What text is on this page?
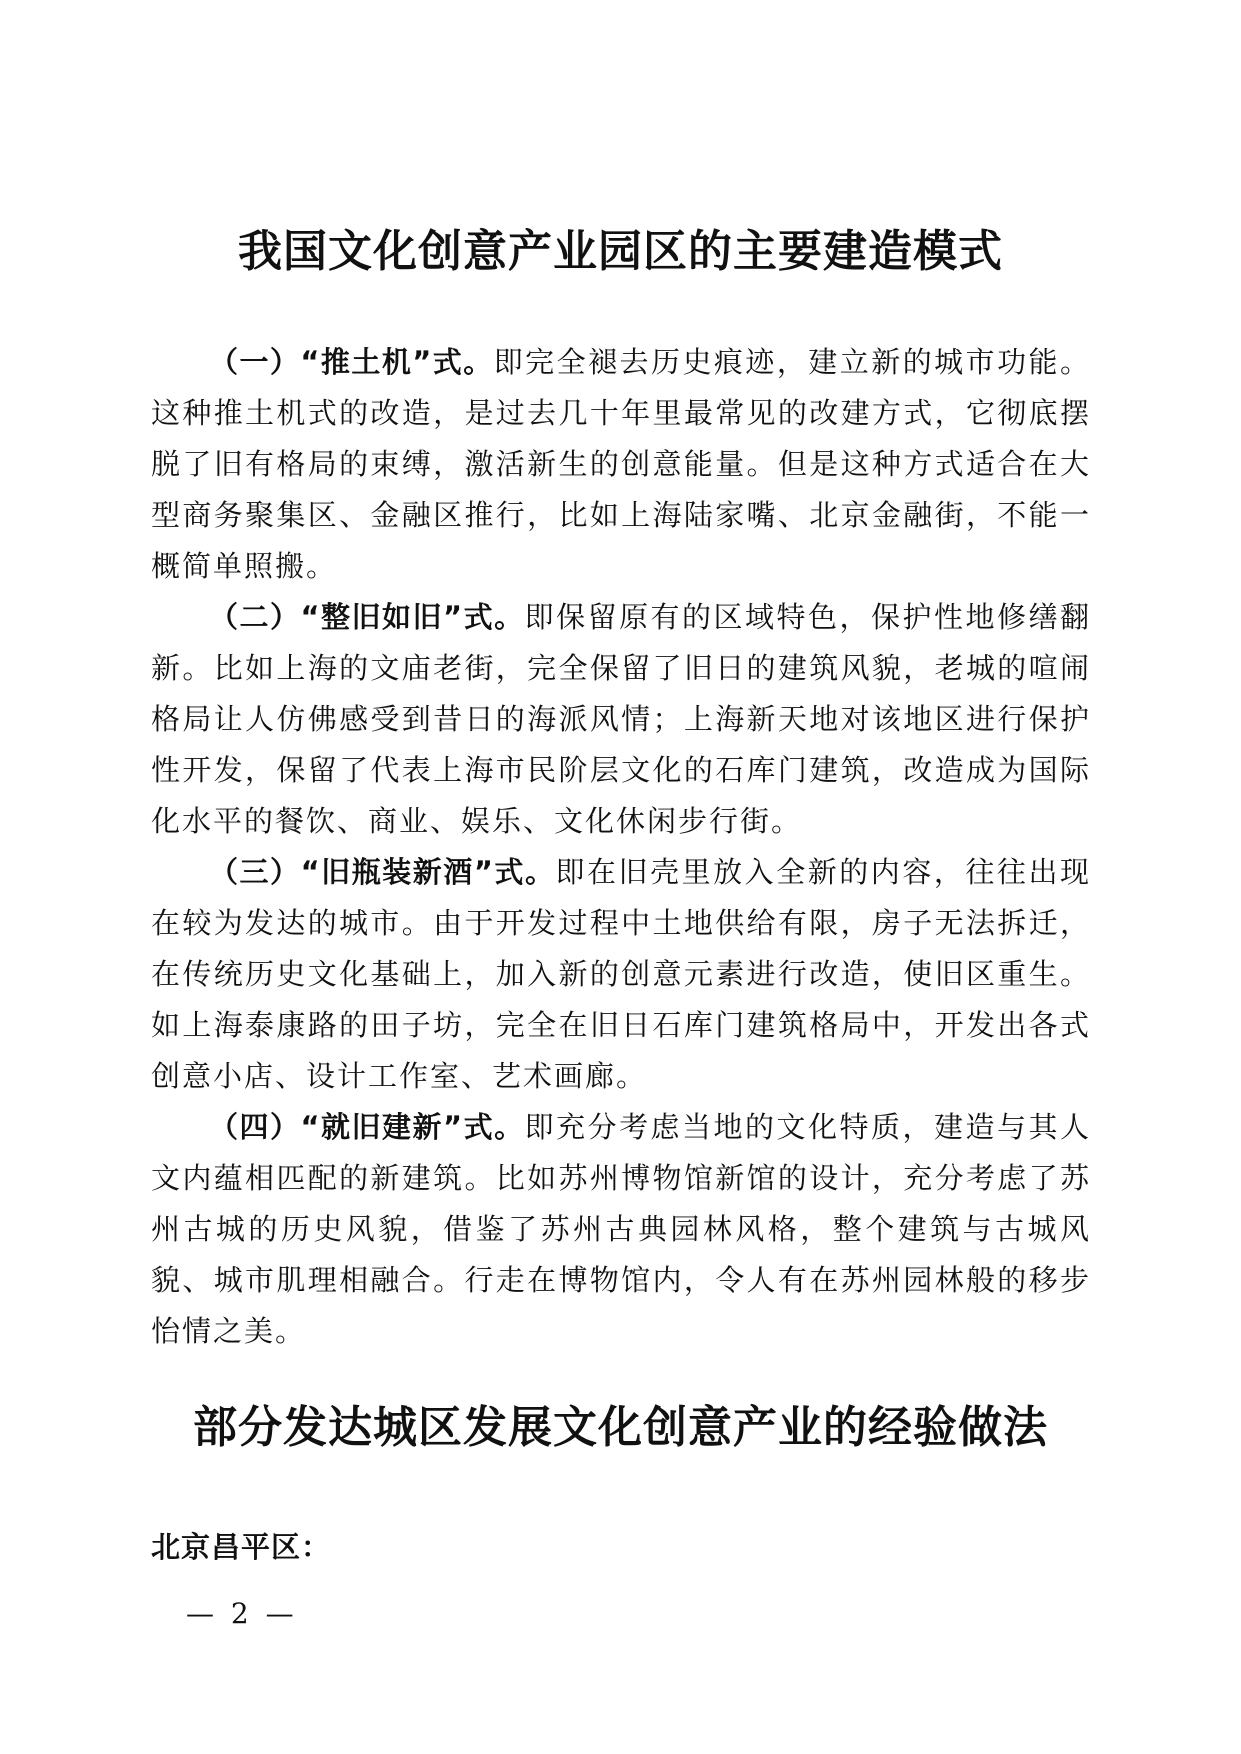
我国文化创意产业园区的主要建造模式

（一）“推土机”式。即完全褪去历史痕迹，建立新的城市功能。这种推土机式的改造，是过去几十年里最常见的改建方式，它彻底摆脱了旧有格局的束缚，激活新生的创意能量。但是这种方式适合在大型商务聚集区、金融区推行，比如上海陆家嘴、北京金融街，不能一概简单照搬。

（二）“整旧如旧”式。即保留原有的区域特色，保护性地修缮翻新。比如上海的文庙老街，完全保留了旧日的建筑风貌，老城的喧闹格局让人仿佛感受到昔日的海派风情；上海新天地对该地区进行保护性开发，保留了代表上海市民阶层文化的石库门建筑，改造成为国际化水平的餐饮、商业、娱乐、文化休闲步行街。

（三）“旧瓶装新酒”式。即在旧壳里放入全新的内容，往往出现在较为发达的城市。由于开发过程中土地供给有限，房子无法拆迁，在传统历史文化基础上，加入新的创意元素进行改造，使旧区重生。如上海泰康路的田子坊，完全在旧日石库门建筑格局中，开发出各式创意小店、设计工作室、艺术画廊。

（四）“就旧建新”式。即充分考虑当地的文化特质，建造与其人文内蕴相匹配的新建筑。比如苏州博物馆新馆的设计，充分考虑了苏州古城的历史风貌，借鉴了苏州古典园林风格，整个建筑与古城风貌、城市肌理相融合。行走在博物馆内，令人有在苏州园林般的移步怡情之美。

部分发达城区发展文化创意产业的经验做法
北京昌平区：
— 2 —
